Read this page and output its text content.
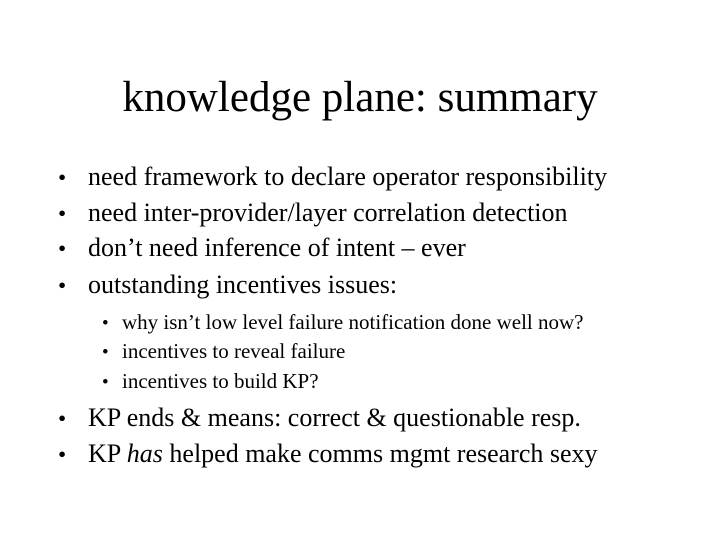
knowledge plane: summary
• need framework to declare operator responsibility
• need inter-provider/layer correlation detection
• don’t need inference of intent – ever
• outstanding incentives issues:
• why isn’t low level failure notification done well now?
• incentives to reveal failure
• incentives to build KP?
• KP ends & means: correct & questionable resp.
• KP has helped make comms mgmt research sexy
